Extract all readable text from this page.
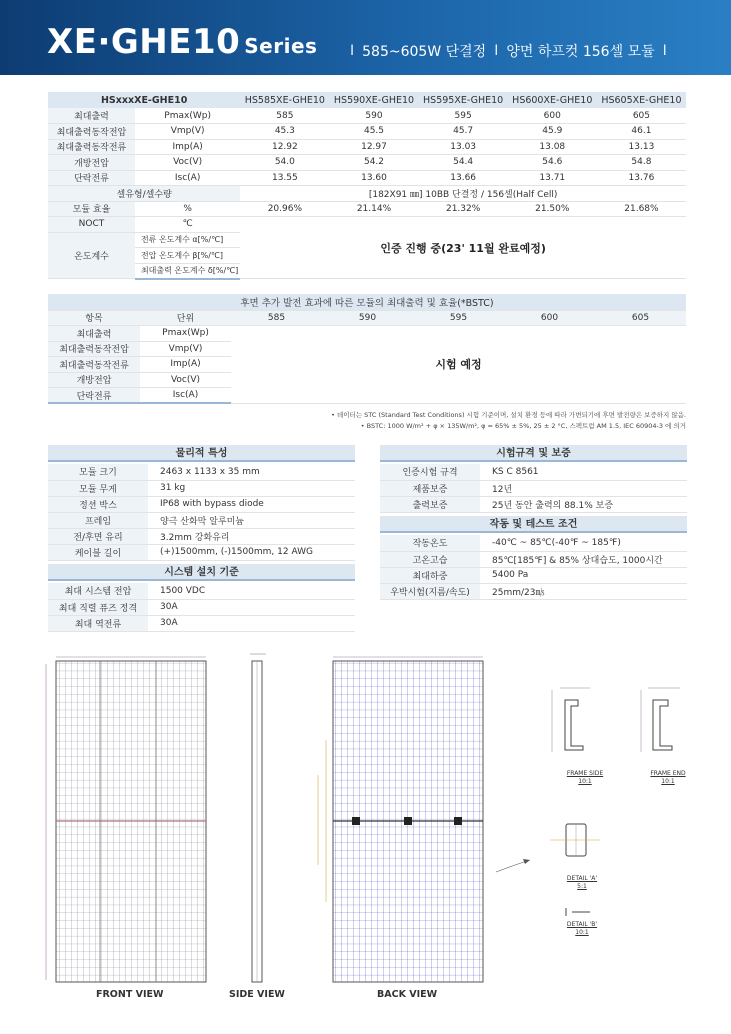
XE·GHE10 Series I 585~605W 단결정 I 양면 하프컷 156셀 모듈 I
HSxxxXE-GHE10		HS585XE-GHE10	HS590XE-GHE10	HS595XE-GHE10	HS600XE-GHE10	HS605XE-GHE10
최대출력	Pmax(Wp)	585	590	595	600	605
최대출력동작전압	Vmp(V)	45.3	45.5	45.7	45.9	46.1
최대출력동작전류	Imp(A)	12.92	12.97	13.03	13.08	13.13
개방전압	Voc(V)	54.0	54.2	54.4	54.6	54.8
단락전류	Isc(A)	13.55	13.60	13.66	13.71	13.76
셀유형/셀수량		[182X91 ㎜] 10BB 단결정 / 156셀(Half Cell)				
모듈 효율	%	20.96%	21.14%	21.32%	21.50%	21.68%
NOCT	℃	인증 진행 중(23' 11월 완료예정)				
온도계수	전류 온도계수 α[%/℃]					
	전압 온도계수 β[%/℃]					
	최대출력 온도계수 δ[%/℃]					
후면 추가 발전 효과에 따른 모듈의 최대출력 및 효율(*BSTC)						
항목	단위	585	590	595	600	605
최대출력	Pmax(Wp)	시험 예정				
최대출력동작전압	Vmp(V)					
최대출력동작전류	Imp(A)					
개방전압	Voc(V)					
단락전류	Isc(A)					
• 데이터는 STC (Standard Test Conditions) 시험 기준이며, 설치 환경 등에 따라 가변되기에 후면 발전량은 보증하지 않음.
• BSTC: 1000 W/m² + φ × 135W/m², φ = 65% ± 5%, 25 ± 2 °C, 스펙트럼 AM 1.5, IEC 60904-3 에 의거
물리적 특성
모듈 크기	2463 x 1133 x 35 mm
모듈 무게	31 kg
정션 박스	IP68 with bypass diode
프레임	양극 산화막 알루미늄
전/후면 유리	3.2mm 강화유리
케이블 길이	(+)1500mm, (-)1500mm, 12 AWG
시스템 설치 기준
최대 시스템 전압	1500 VDC
최대 직렬 퓨즈 정격	30A
최대 역전류	30A
시험규격 및 보증
인증시험 규격	KS C 8561
제품보증	12년
출력보증	25년 동안 출력의 88.1% 보증
작동 및 테스트 조건
작동온도	-40℃ ~ 85℃(-40℉ ~ 185℉)
고온고습	85℃[185℉] & 85% 상대습도, 1000시간
최대하중	5400 Pa
우박시험(지름/속도)	25mm/23㎧
FRONT VIEW	SIDE VIEW	BACK VIEW
FRAME SIDE
10:1
FRAME END
10:1
DETAIL 'A'
5:1
DETAIL 'B'
10:1
